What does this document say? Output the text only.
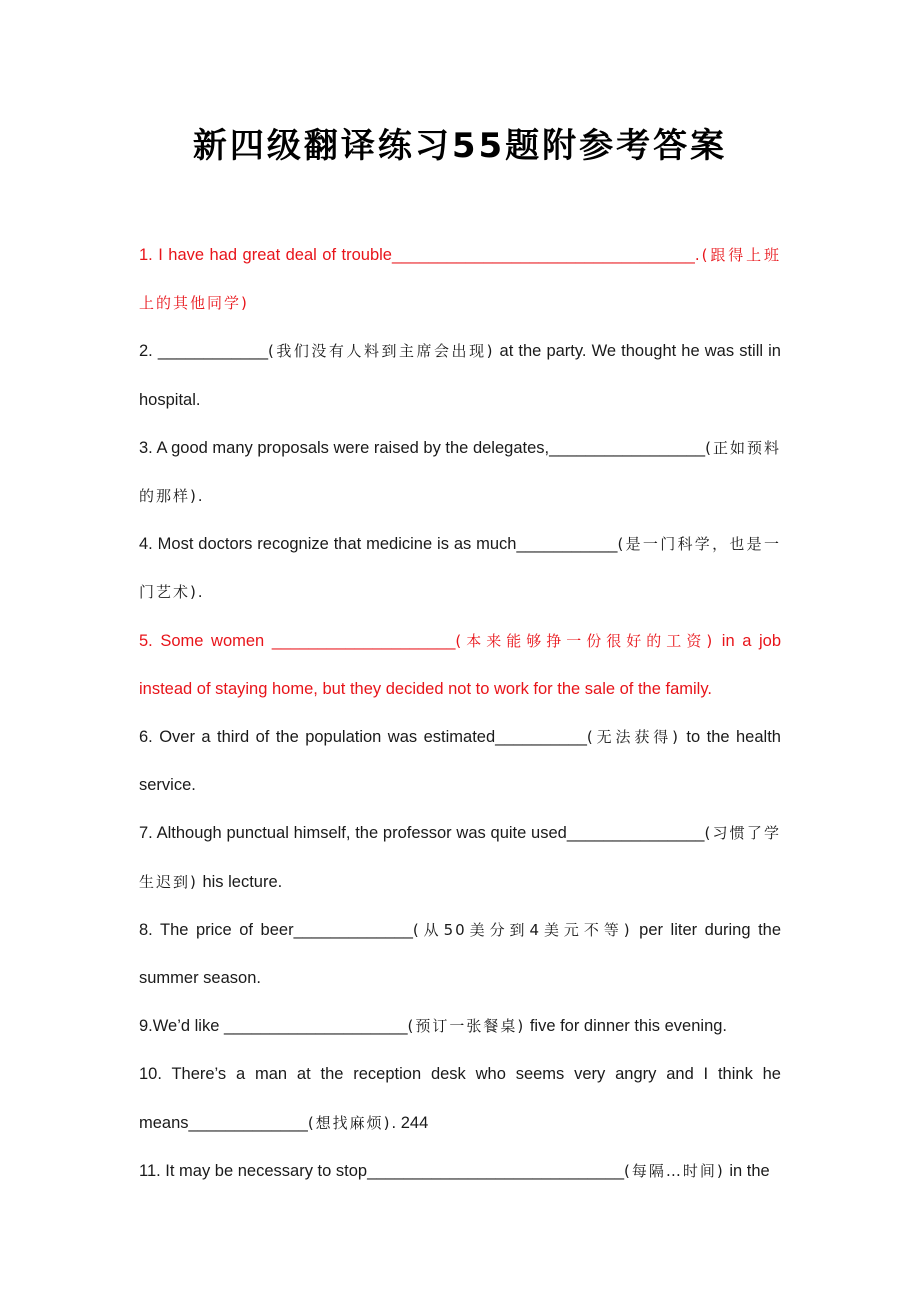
新四级翻译练习55题附参考答案

1. I have had great deal of trouble_________________________________.(跟得上班上的其他同学)

2. ____________(我们没有人料到主席会出现) at the party. We thought he was still in hospital.

3. A good many proposals were raised by the delegates,_________________(正如预料的那样).

4. Most doctors recognize that medicine is as much___________(是一门科学，也是一门艺术).

5. Some women ____________________(本来能够挣一份很好的工资) in a job instead of staying home, but they decided not to work for the sale of the family.

6. Over a third of the population was estimated__________(无法获得) to the health service.

7. Although punctual himself, the professor was quite used_______________(习惯了学生迟到) his lecture.

8. The price of beer_____________(从50美分到4美元不等) per liter during the summer season.

9.We’d like ____________________(预订一张餐桌) five for dinner this evening.

10. There’s a man at the reception desk who seems very angry and I think he means_____________(想找麻烦). 244

11. It may be necessary to stop____________________________(每隔…时间) in the
